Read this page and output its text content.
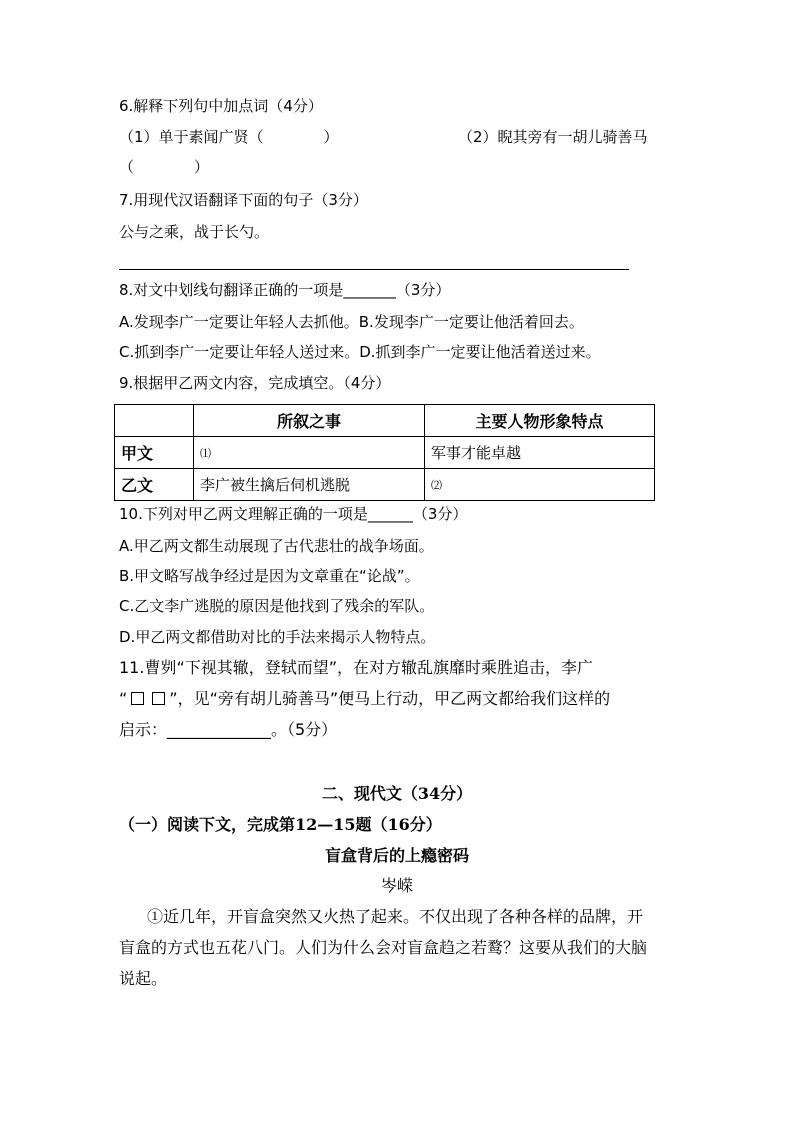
6.解释下列句中加点词（4分）
（1）单于素闻广贤（　　　　）	（2）睨其旁有一胡儿骑善马
（　　　　）
7.用现代汉语翻译下面的句子（3分）
公与之乘，战于长勺。
8.对文中划线句翻译正确的一项是_______（3分）
A.发现李广一定要让年轻人去抓他。B.发现李广一定要让他活着回去。
C.抓到李广一定要让年轻人送过来。D.抓到李广一定要让他活着送过来。
9.根据甲乙两文内容，完成填空。（4分）
	所叙之事	主要人物形象特点
甲文	⑴	军事才能卓越
乙文	李广被生擒后伺机逃脱	⑵
10.下列对甲乙两文理解正确的一项是______（3分）
A.甲乙两文都生动展现了古代悲壮的战争场面。
B.甲文略写战争经过是因为文章重在“论战”。
C.乙文李广逃脱的原因是他找到了残余的军队。
D.甲乙两文都借助对比的手法来揭示人物特点。
11.曹刿“下视其辙，登轼而望”，在对方辙乱旗靡时乘胜追击，李广
“	”，见“旁有胡儿骑善马”便马上行动，甲乙两文都给我们这样的
启示：_____________。（5分）
二、现代文（34分）
（一）阅读下文，完成第12—15题（16分）
盲盒背后的上瘾密码
岑嵘
①近几年，开盲盒突然又火热了起来。不仅出现了各种各样的品牌，开
盲盒的方式也五花八门。人们为什么会对盲盒趋之若鹜？这要从我们的大脑
说起。
